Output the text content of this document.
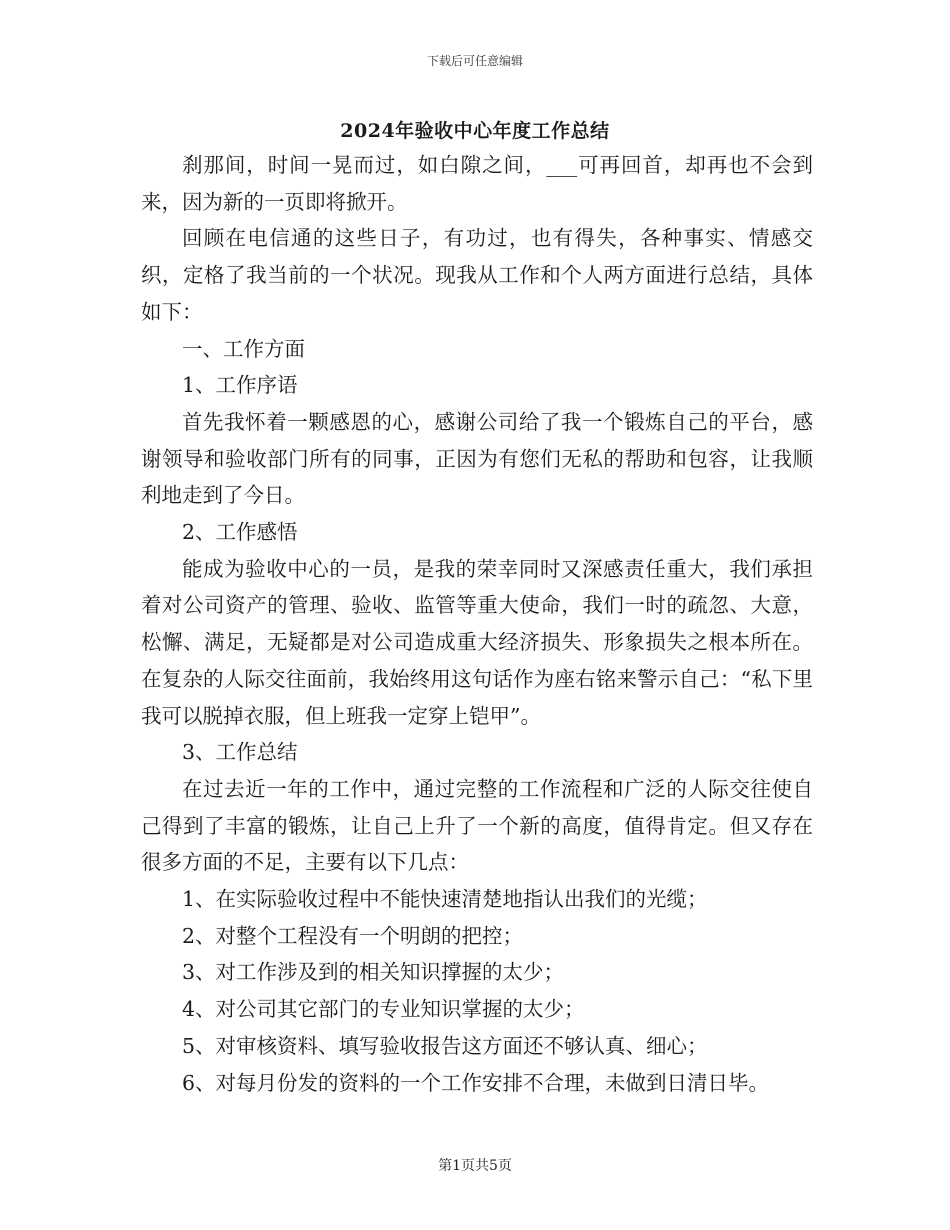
下载后可任意编辑
2024年验收中心年度工作总结

刹那间，时间一晃而过，如白隙之间，___可再回首，却再也不会到来，因为新的一页即将掀开。

回顾在电信通的这些日子，有功过，也有得失，各种事实、情感交织，定格了我当前的一个状况。现我从工作和个人两方面进行总结，具体如下：

一、工作方面

1、工作序语

首先我怀着一颗感恩的心，感谢公司给了我一个锻炼自己的平台，感谢领导和验收部门所有的同事，正因为有您们无私的帮助和包容，让我顺利地走到了今日。

2、工作感悟

能成为验收中心的一员，是我的荣幸同时又深感责任重大，我们承担着对公司资产的管理、验收、监管等重大使命，我们一时的疏忽、大意，松懈、满足，无疑都是对公司造成重大经济损失、形象损失之根本所在。在复杂的人际交往面前，我始终用这句话作为座右铭来警示自己：“私下里我可以脱掉衣服，但上班我一定穿上铠甲”。

3、工作总结

在过去近一年的工作中，通过完整的工作流程和广泛的人际交往使自己得到了丰富的锻炼，让自己上升了一个新的高度，值得肯定。但又存在很多方面的不足，主要有以下几点：

1、在实际验收过程中不能快速清楚地指认出我们的光缆；

2、对整个工程没有一个明朗的把控；

3、对工作涉及到的相关知识撑握的太少；

4、对公司其它部门的专业知识掌握的太少；

5、对审核资料、填写验收报告这方面还不够认真、细心；

6、对每月份发的资料的一个工作安排不合理，未做到日清日毕。

第1页共5页
